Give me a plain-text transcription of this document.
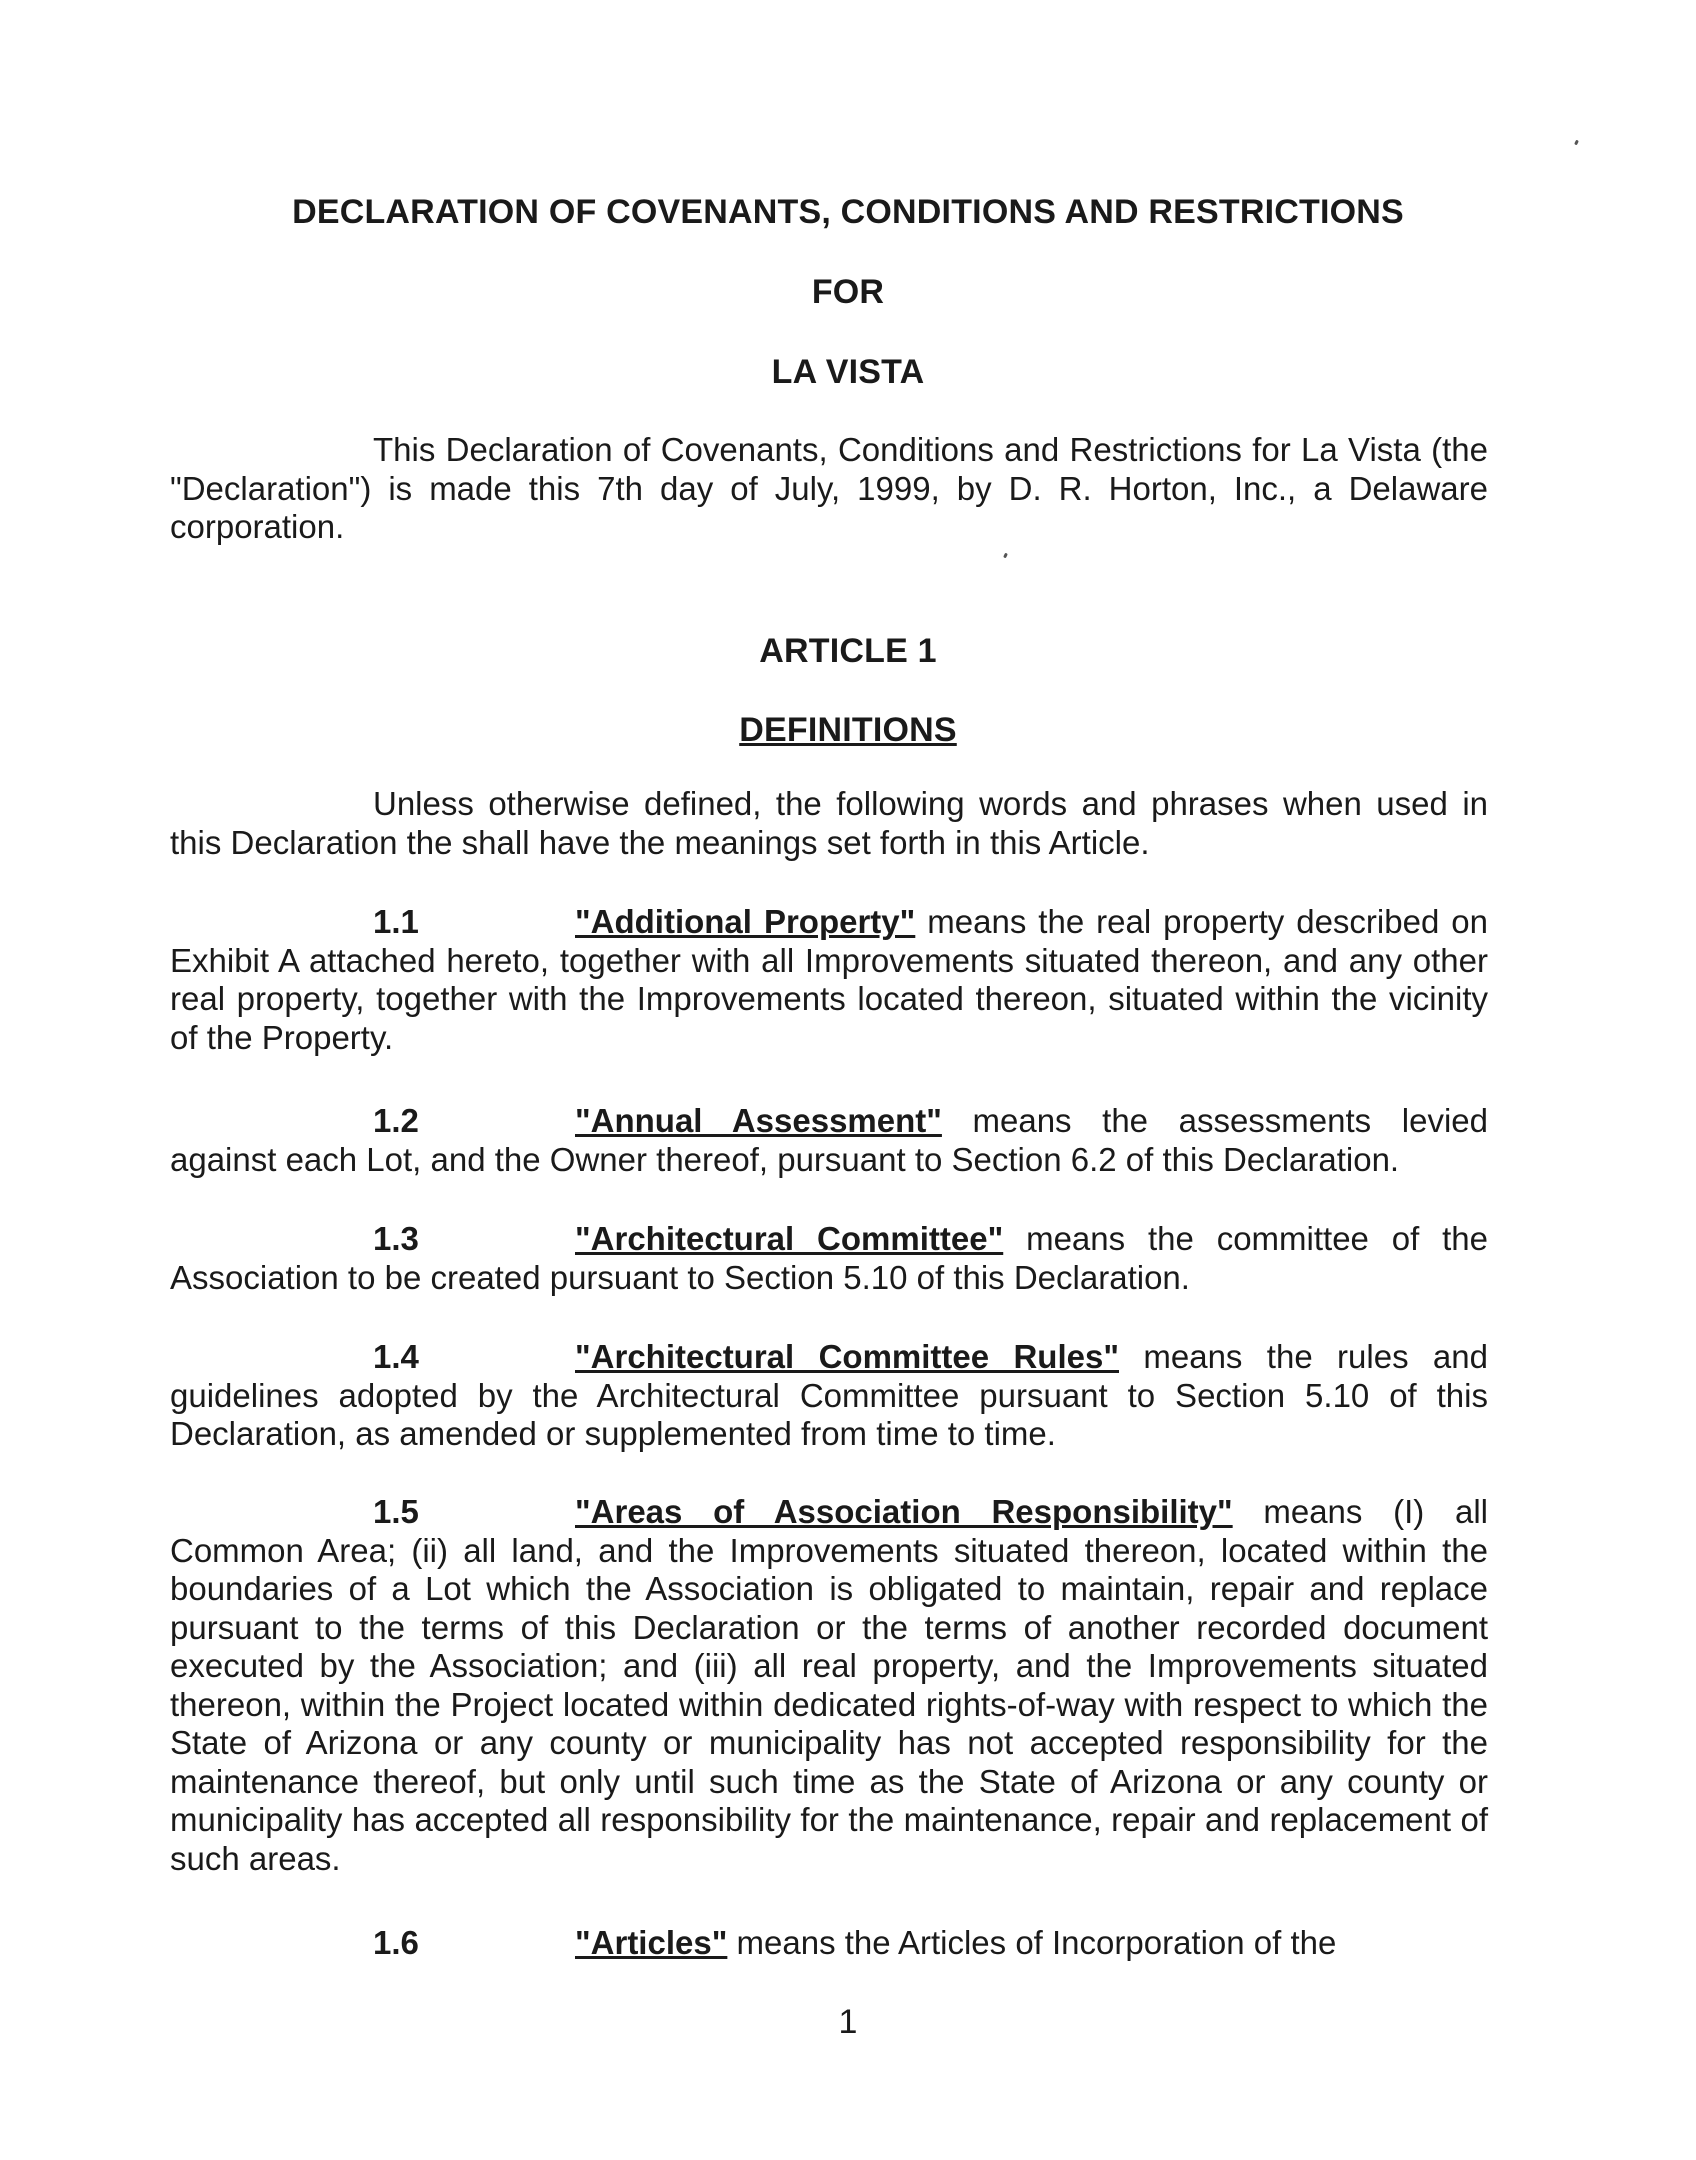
DECLARATION OF COVENANTS, CONDITIONS AND RESTRICTIONS
FOR
LA VISTA
This Declaration of Covenants, Conditions and Restrictions for La Vista (the "Declaration") is made this 7th day of July, 1999, by D. R. Horton, Inc., a Delaware corporation.
ARTICLE 1
DEFINITIONS
Unless otherwise defined, the following words and phrases when used in this Declaration the shall have the meanings set forth in this Article.
1.1	"Additional Property" means the real property described on Exhibit A attached hereto, together with all Improvements situated thereon, and any other real property, together with the Improvements located thereon, situated within the vicinity of the Property.
1.2	"Annual Assessment" means the assessments levied against each Lot, and the Owner thereof, pursuant to Section 6.2 of this Declaration.
1.3	"Architectural Committee" means the committee of the Association to be created pursuant to Section 5.10 of this Declaration.
1.4	"Architectural Committee Rules" means the rules and guidelines adopted by the Architectural Committee pursuant to Section 5.10 of this Declaration, as amended or supplemented from time to time.
1.5	"Areas of Association Responsibility" means (I) all Common Area; (ii) all land, and the Improvements situated thereon, located within the boundaries of a Lot which the Association is obligated to maintain, repair and replace pursuant to the terms of this Declaration or the terms of another recorded document executed by the Association; and (iii) all real property, and the Improvements situated thereon, within the Project located within dedicated rights-of-way with respect to which the State of Arizona or any county or municipality has not accepted responsibility for the maintenance thereof, but only until such time as the State of Arizona or any county or municipality has accepted all responsibility for the maintenance, repair and replacement of such areas.
1.6	"Articles" means the Articles of Incorporation of the
1
